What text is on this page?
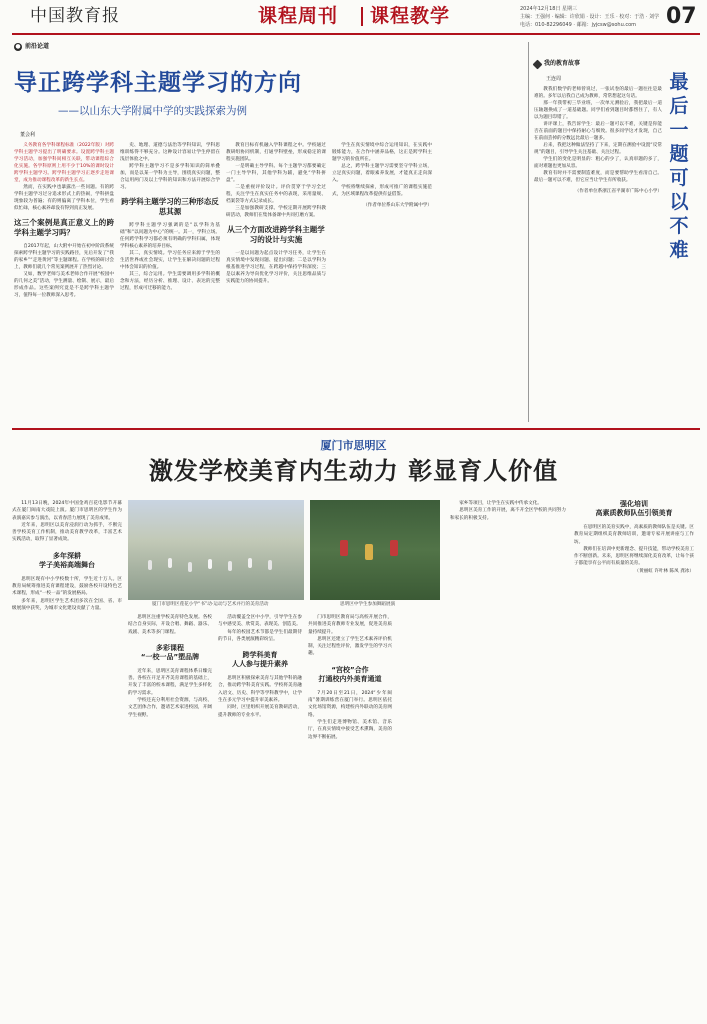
中国教育报	课程周刊 课程教学	2024年12月18日 星期三
主编：王强何 · 编辑：许欣娟 · 设计：王乐 · 校对：于浩 · 刘学
电话：010-82296049 · 邮箱：jyjcsw@sohu.com 07
● 前沿论道
导正跨学科主题学习的方向
——以山东大学附属中学的实践探索为例
董会利

义务教育各学科课程标准（2022年版）对跨学科主题学习提出了明确要求。设置跨学科主题学习活动，加强学科间相互关联，带动课程综合化实施。各学科原则上用不少于10%的课时设计跨学科主题学习。跨学科主题学习正逐步走进课堂，成为推动课程改革的新生长点。

然而，在实践中也暴露出一些问题。有的跨学科主题学习过分追求形式上的热闹，学科拼盘现象较为普遍；有的则偏离了学科本位，学生看似忙碌，核心素养却没有得到真正发展。

这三个案例是真正意义上的跨学科主题学习吗？

自2017年起，山大附中开始在初中阶段系统探索跨学科主题学习的实践路径，先后开发了“我的家乡”“走进黄河”等主题课程。在学校的研讨会上，教师们就几个常见案例展开了热烈讨论。

又如，数学老师与美术老师合作开展“校园中的几何之美”活动，学生测量、绘制、展示，最后形成作品。这些案例究竟是不是跨学科主题学习，值得每一位教师深入思考。

史、地理、道德与法治等学科知识，学科思维训练得不够充分。这种设计容易让学生停留在浅层体验之中。

跨学科主题学习不是多学科知识的简单叠加，而是以某一学科为主导，围绕真实问题，整合运用两门及以上学科的知识和方法开展综合学习。

跨学科主题学习的三种形态反思其源

跨学科主题学习强调的是“以学科为基础”和“以问题为中心”的统一。其一，学科立场。任何跨学科学习都必须有明确的学科归属，体现学科核心素养的培养目标。

其二，真实情境。学习任务应来源于学生的生活世界或社会现实，让学生在解决问题的过程中体会知识的价值。

其三，综合运用。学生需要调用多学科的概念和方法，经历分析、推理、设计、表达的完整过程，形成可迁移的能力。

教育目标有机融入学科课程之中。学校通过教研组协同机制，打通学科壁垒，形成稳定的课程实施团队。

一是明确主导学科。每个主题学习都要确定一门主导学科，其他学科为辅，避免“学科拼盘”。

二是重视评价设计。评价贯穿于学习全过程，关注学生在真实任务中的表现，采用量规、档案袋等方式记录成长。

三是加强教研支撑。学校定期开展跨学科教研活动，教师们在集体备课中共同打磨方案。

从三个方面改进跨学科主题学习的设计与实施

一是以问题为起点设计学习任务，让学生在真实情境中发现问题、提出问题；二是以学科为根基推进学习过程，在跨越中保持学科深度；三是以素养为导向优化学习评价，关注思维品质与实践能力的协同提升。

学生在真实情境中综合运用知识，在实践中锻炼能力，在合作中涵养品格，这正是跨学科主题学习的价值所在。

总之，跨学科主题学习需要坚守学科立场，立足真实问题，着眼素养发展，才能真正走向深入。

学校将继续探索，形成可推广的课程实施范式，为区域课程改革提供有益借鉴。

（作者单位系山东大学附属中学）

我的教育故事
王连周	最后一题可以不难

教我们数学的老师曾说过，一张试卷的最后一题往往是最难的。多年以后我自己成为教师，常常想起这句话。

那一年我带初三毕业班，一次单元测验后，我把最后一道压轴题换成了一道基础题。同学们看到题目时都愣住了，有人以为题目印错了。

讲评课上，我告诉学生：最后一题可以不难，关键是你能否在前面的题目中保持耐心与细致。很多同学这才发现，自己在前面丢掉的分数远比最后一题多。

后来，我把这种做法坚持了下来，定期在测验中设置“反常规”的题目，引导学生关注基础、关注过程。

学生们的变化是明显的：粗心的少了，认真审题的多了，面对难题也更加从容。

教育有时并不需要制造难度，而是要帮助学生看清自己。最后一题可以不难，但它应当让学生有所收获。

（作者单位系浙江省平湖市广陈中心小学）

厦门市思明区
激发学校美育内生动力 彰显育人价值

11月13日晚，2024年中国金鸡百花电影节开幕式在厦门闽南大戏院上演。厦门市思明区的学生作为表演嘉宾参与演出，以青春活力展现了美育成果。

近年来，思明区以美育浸润行动为抓手，不断完善学校美育工作机制，推动美育教学改革，丰富艺术实践活动，取得了显著成效。

多年深耕
学子美裕高端舞台

思明区现有中小学校数十所，学生近十万人。区教育局统筹推进美育课程建设，鼓励各校开设特色艺术课程，形成“一校一品”的发展格局。

多年来，思明区学生艺术团多次在全国、省、市级展演中获奖，为城市文化建设贡献了力量。

厦门市思明区莲花小学“书”动·运动与艺术并行的美育活动	思明区中学生参加舞蹈展演

思明区注重学校美育特色发展。各校结合自身实际，开设合唱、舞蹈、器乐、戏剧、美术等多门课程。

多彩课程
“一校一品”塑品牌

近年来，思明区美育课程体系日臻完善。各校在开足开齐美育课程的基础上，开发了丰富的校本课程，满足学生多样化的学习需求。

学校还充分利用社会资源，与高校、文艺团体合作，邀请艺术家进校园，开阔学生视野。

活动覆盖全区中小学，引导学生在参与中感受美、欣赏美、表现美、创造美。

每年的校园艺术节都是学生们最期待的节日，各类展演精彩纷呈。

跨学科美育
人人参与提升素养

思明区积极探索美育与其他学科的融合，推动跨学科美育实践。学校将美育融入语文、历史、科学等学科教学中，让学生在多元学习中提升审美素养。

同时，区里组织开展美育教研活动，提升教师的专业水平。

门市思明区教育局与高校开展合作，共同推进美育教师专业发展，促进美育质量持续提升。

思明区还建立了学生艺术素养评价机制，关注过程性评价，激发学生的学习兴趣。

“宫校”合作
打通校内外美育通道

7月20日至21日，2024“少年闽南”暑期训练营在厦门举行。思明区依托文化场馆资源，构建校内外联动的美育网络。

学生们走进博物馆、美术馆、音乐厅，在真实情境中接受艺术熏陶，美育的边界不断拓展。

家乡等项目，让学生在实践中传承文化。

思明区美育工作的开展，离不开全区学校的共同努力和家长的积极支持。

强化培训
高素质教师队伍引领美育

在思明区的美育实践中，高素质的教师队伍是关键。区教育局定期组织美育教师培训，邀请专家开展讲座与工作坊。

教师们在培训中更新理念、提升技能，带动学校美育工作不断创新。未来，思明区将继续深化美育改革，让每个孩子都能享有公平而有质量的美育。

（黄丽虹 许叶林 陈凤 龚冰）
